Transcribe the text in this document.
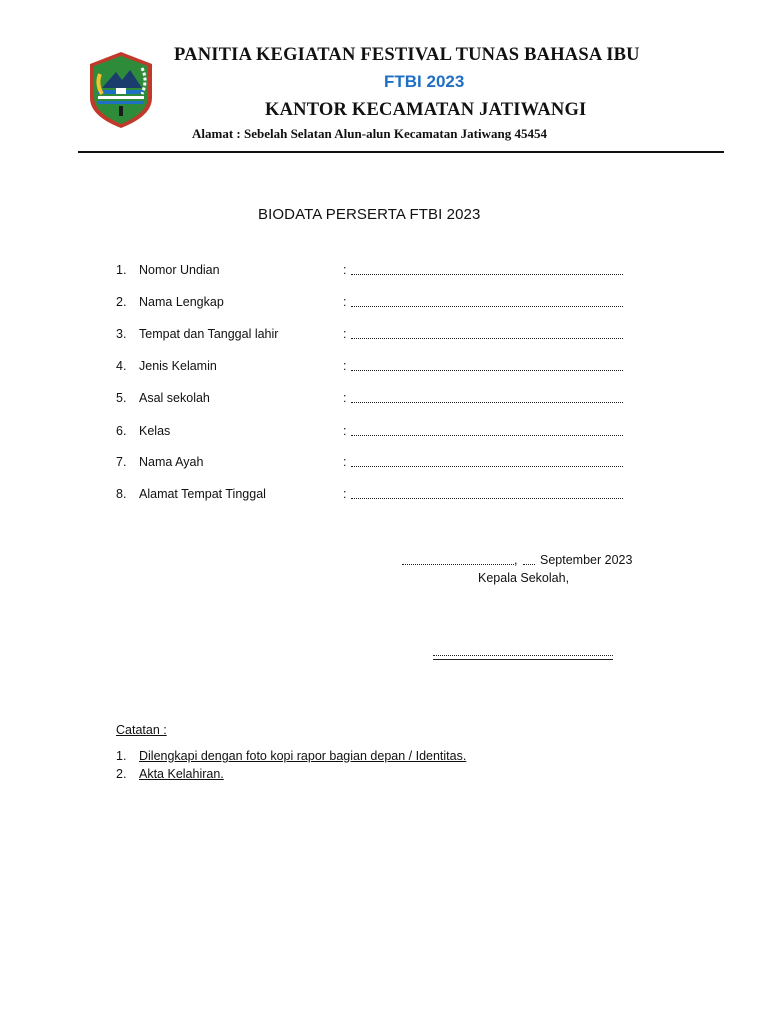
PANITIA KEGIATAN FESTIVAL TUNAS BAHASA IBU
FTBI 2023
KANTOR KECAMATAN JATIWANGI
Alamat : Sebelah Selatan Alun-alun Kecamatan Jatiwang 45454
BIODATA PERSERTA FTBI 2023
1. Nomor Undian	:
2. Nama Lengkap	:
3. Tempat dan Tanggal lahir	:
4. Jenis Kelamin	:
5. Asal sekolah	:
6. Kelas	:
7. Nama Ayah	:
8. Alamat Tempat Tinggal	:
, September 2023
Kepala Sekolah,
Catatan :
1. Dilengkapi dengan foto kopi rapor bagian depan / Identitas.
2. Akta Kelahiran.
